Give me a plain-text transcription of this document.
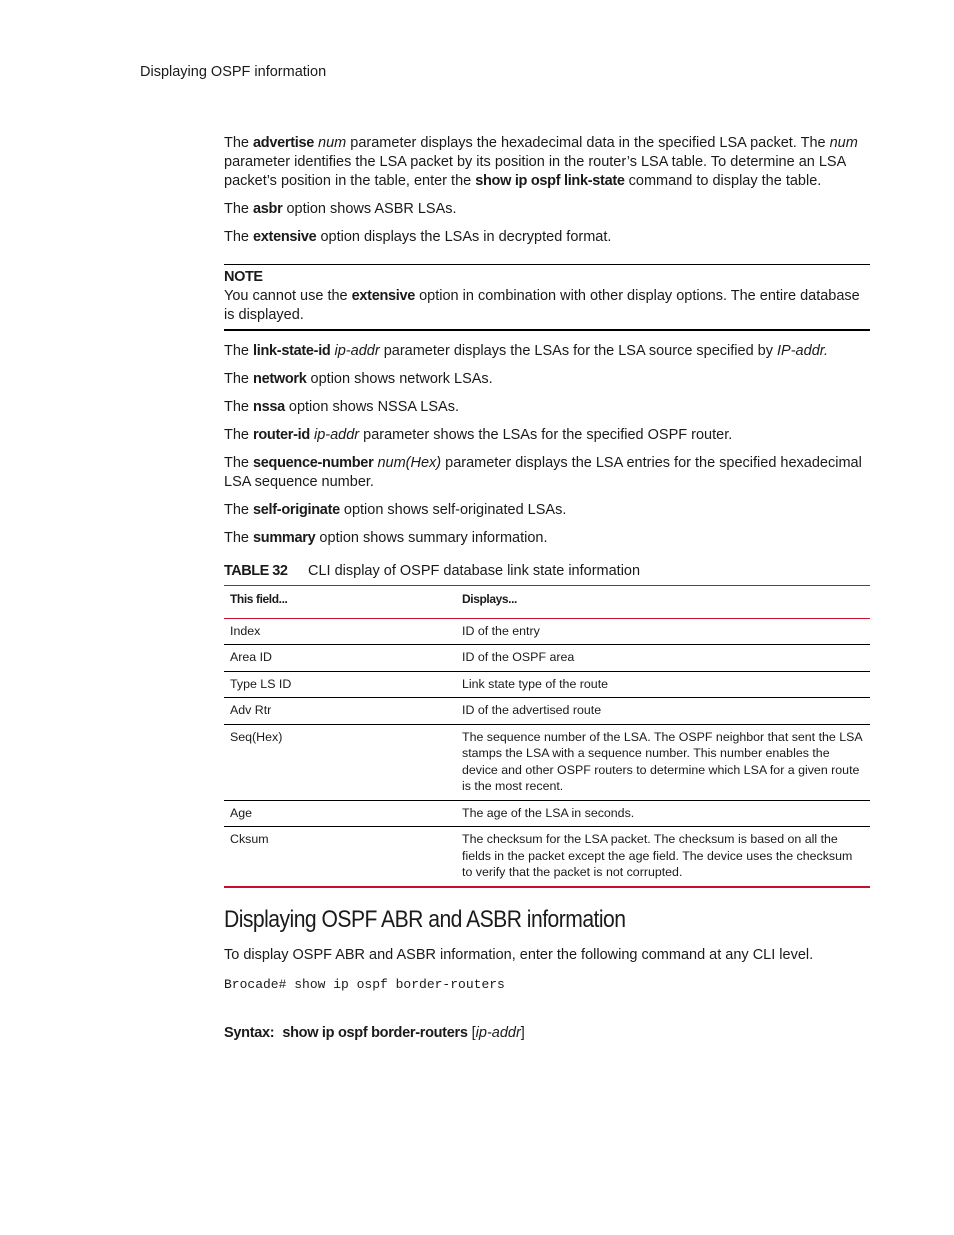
Displaying OSPF information

The advertise num parameter displays the hexadecimal data in the specified LSA packet. The num parameter identifies the LSA packet by its position in the router’s LSA table. To determine an LSA packet’s position in the table, enter the show ip ospf link-state command to display the table.

The asbr option shows ASBR LSAs.

The extensive option displays the LSAs in decrypted format.

NOTE
You cannot use the extensive option in combination with other display options. The entire database is displayed.

The link-state-id ip-addr parameter displays the LSAs for the LSA source specified by IP-addr.

The network option shows network LSAs.

The nssa option shows NSSA LSAs.

The router-id ip-addr parameter shows the LSAs for the specified OSPF router.

The sequence-number num(Hex) parameter displays the LSA entries for the specified hexadecimal LSA sequence number.

The self-originate option shows self-originated LSAs.

The summary option shows summary information.

TABLE 32 CLI display of OSPF database link state information
This field...	Displays...
Index	ID of the entry
Area ID	ID of the OSPF area
Type LS ID	Link state type of the route
Adv Rtr	ID of the advertised route
Seq(Hex)	The sequence number of the LSA. The OSPF neighbor that sent the LSA stamps the LSA with a sequence number. This number enables the device and other OSPF routers to determine which LSA for a given route is the most recent.
Age	The age of the LSA in seconds.
Cksum	The checksum for the LSA packet. The checksum is based on all the fields in the packet except the age field. The device uses the checksum to verify that the packet is not corrupted.
Displaying OSPF ABR and ASBR information

To display OSPF ABR and ASBR information, enter the following command at any CLI level.

Brocade# show ip ospf border-routers
Syntax: show ip ospf border-routers [ip-addr]
